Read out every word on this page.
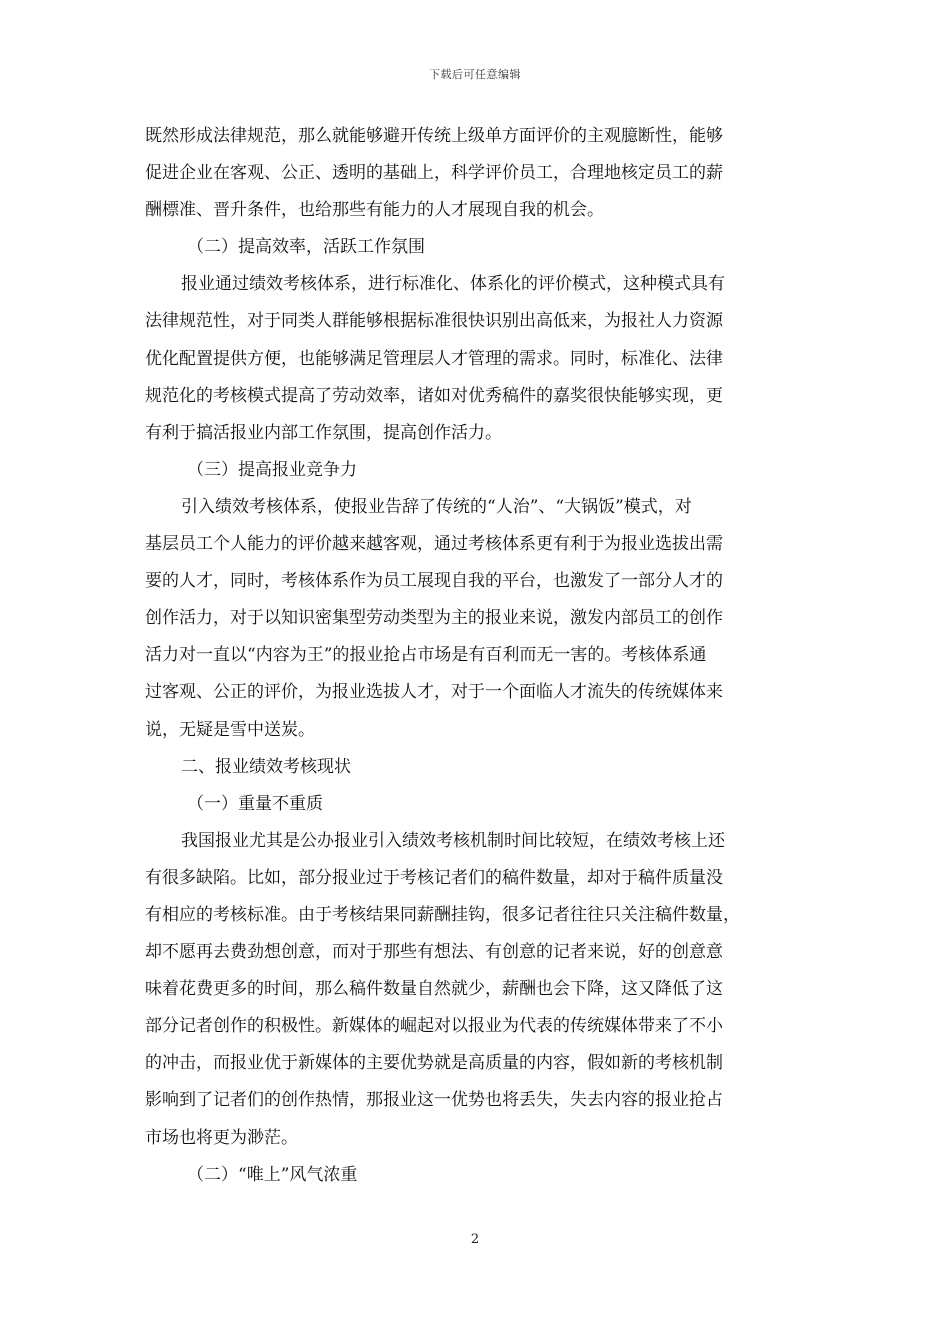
下载后可任意编辑
既然形成法律规范，那么就能够避开传统上级单方面评价的主观臆断性，能够
促进企业在客观、公正、透明的基础上，科学评价员工，合理地核定员工的薪
酬標准、晋升条件，也给那些有能力的人才展现自我的机会。
（二）提高效率，活跃工作氛围
报业通过绩效考核体系，进行标准化、体系化的评价模式，这种模式具有
法律规范性，对于同类人群能够根据标准很快识别出高低来，为报社人力资源
优化配置提供方便，也能够满足管理层人才管理的需求。同时，标准化、法律
规范化的考核模式提高了劳动效率，诸如对优秀稿件的嘉奖很快能够实现，更
有利于搞活报业内部工作氛围，提高创作活力。
（三）提高报业竞争力
引入绩效考核体系，使报业告辞了传统的“人治”、“大锅饭”模式，对
基层员工个人能力的评价越来越客观，通过考核体系更有利于为报业选拔出需
要的人才，同时，考核体系作为员工展现自我的平台，也激发了一部分人才的
创作活力，对于以知识密集型劳动类型为主的报业来说，激发内部员工的创作
活力对一直以“内容为王”的报业抢占市场是有百利而无一害的。考核体系通
过客观、公正的评价，为报业选拔人才，对于一个面临人才流失的传统媒体来
说，无疑是雪中送炭。
二、报业绩效考核现状
（一）重量不重质
我国报业尤其是公办报业引入绩效考核机制时间比较短，在绩效考核上还
有很多缺陷。比如，部分报业过于考核记者们的稿件数量，却对于稿件质量没
有相应的考核标准。由于考核结果同薪酬挂钩，很多记者往往只关注稿件数量，
却不愿再去费劲想创意，而对于那些有想法、有创意的记者来说，好的创意意
味着花费更多的时间，那么稿件数量自然就少，薪酬也会下降，这又降低了这
部分记者创作的积极性。新媒体的崛起对以报业为代表的传统媒体带来了不小
的冲击，而报业优于新媒体的主要优势就是高质量的内容，假如新的考核机制
影响到了记者们的创作热情，那报业这一优势也将丢失，失去内容的报业抢占
市场也将更为渺茫。
（二）“唯上”风气浓重
2
